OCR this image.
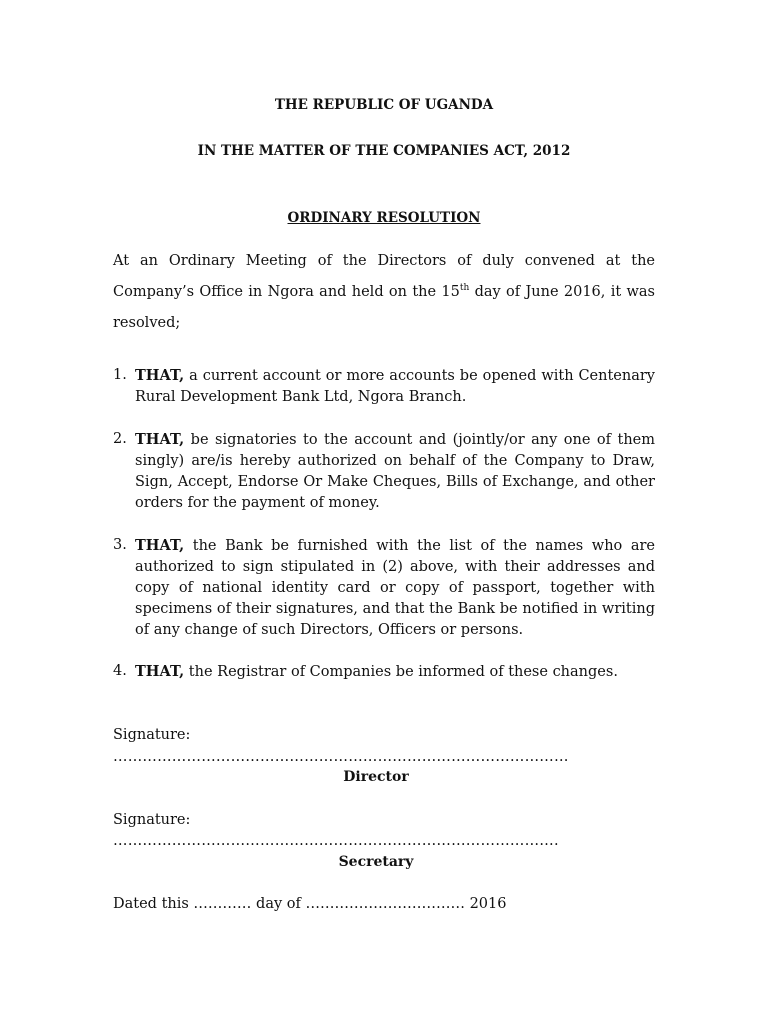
THE REPUBLIC OF UGANDA
IN THE MATTER OF THE COMPANIES ACT, 2012
ORDINARY RESOLUTION
At an Ordinary Meeting of the Directors of duly convened at the Company’s Office in Ngora and held on the 15th day of June 2016, it was resolved;
1. THAT, a current account or more accounts be opened with Centenary Rural Development Bank Ltd, Ngora Branch.
2. THAT, be signatories to the account and (jointly/or any one of them singly) are/is hereby authorized on behalf of the Company to Draw, Sign, Accept, Endorse Or Make Cheques, Bills of Exchange, and other orders for the payment of money.
3. THAT, the Bank be furnished with the list of the names who are authorized to sign stipulated in (2) above, with their addresses and copy of national identity card or copy of passport, together with specimens of their signatures, and that the Bank be notified in writing of any change of such Directors, Officers or persons.
4. THAT, the Registrar of Companies be informed of these changes.
Signature:
…………………………………………………………………………………
Director
Signature:
……………………………………………………………………………….
Secretary
Dated this ………… day of …………………………… 2016
